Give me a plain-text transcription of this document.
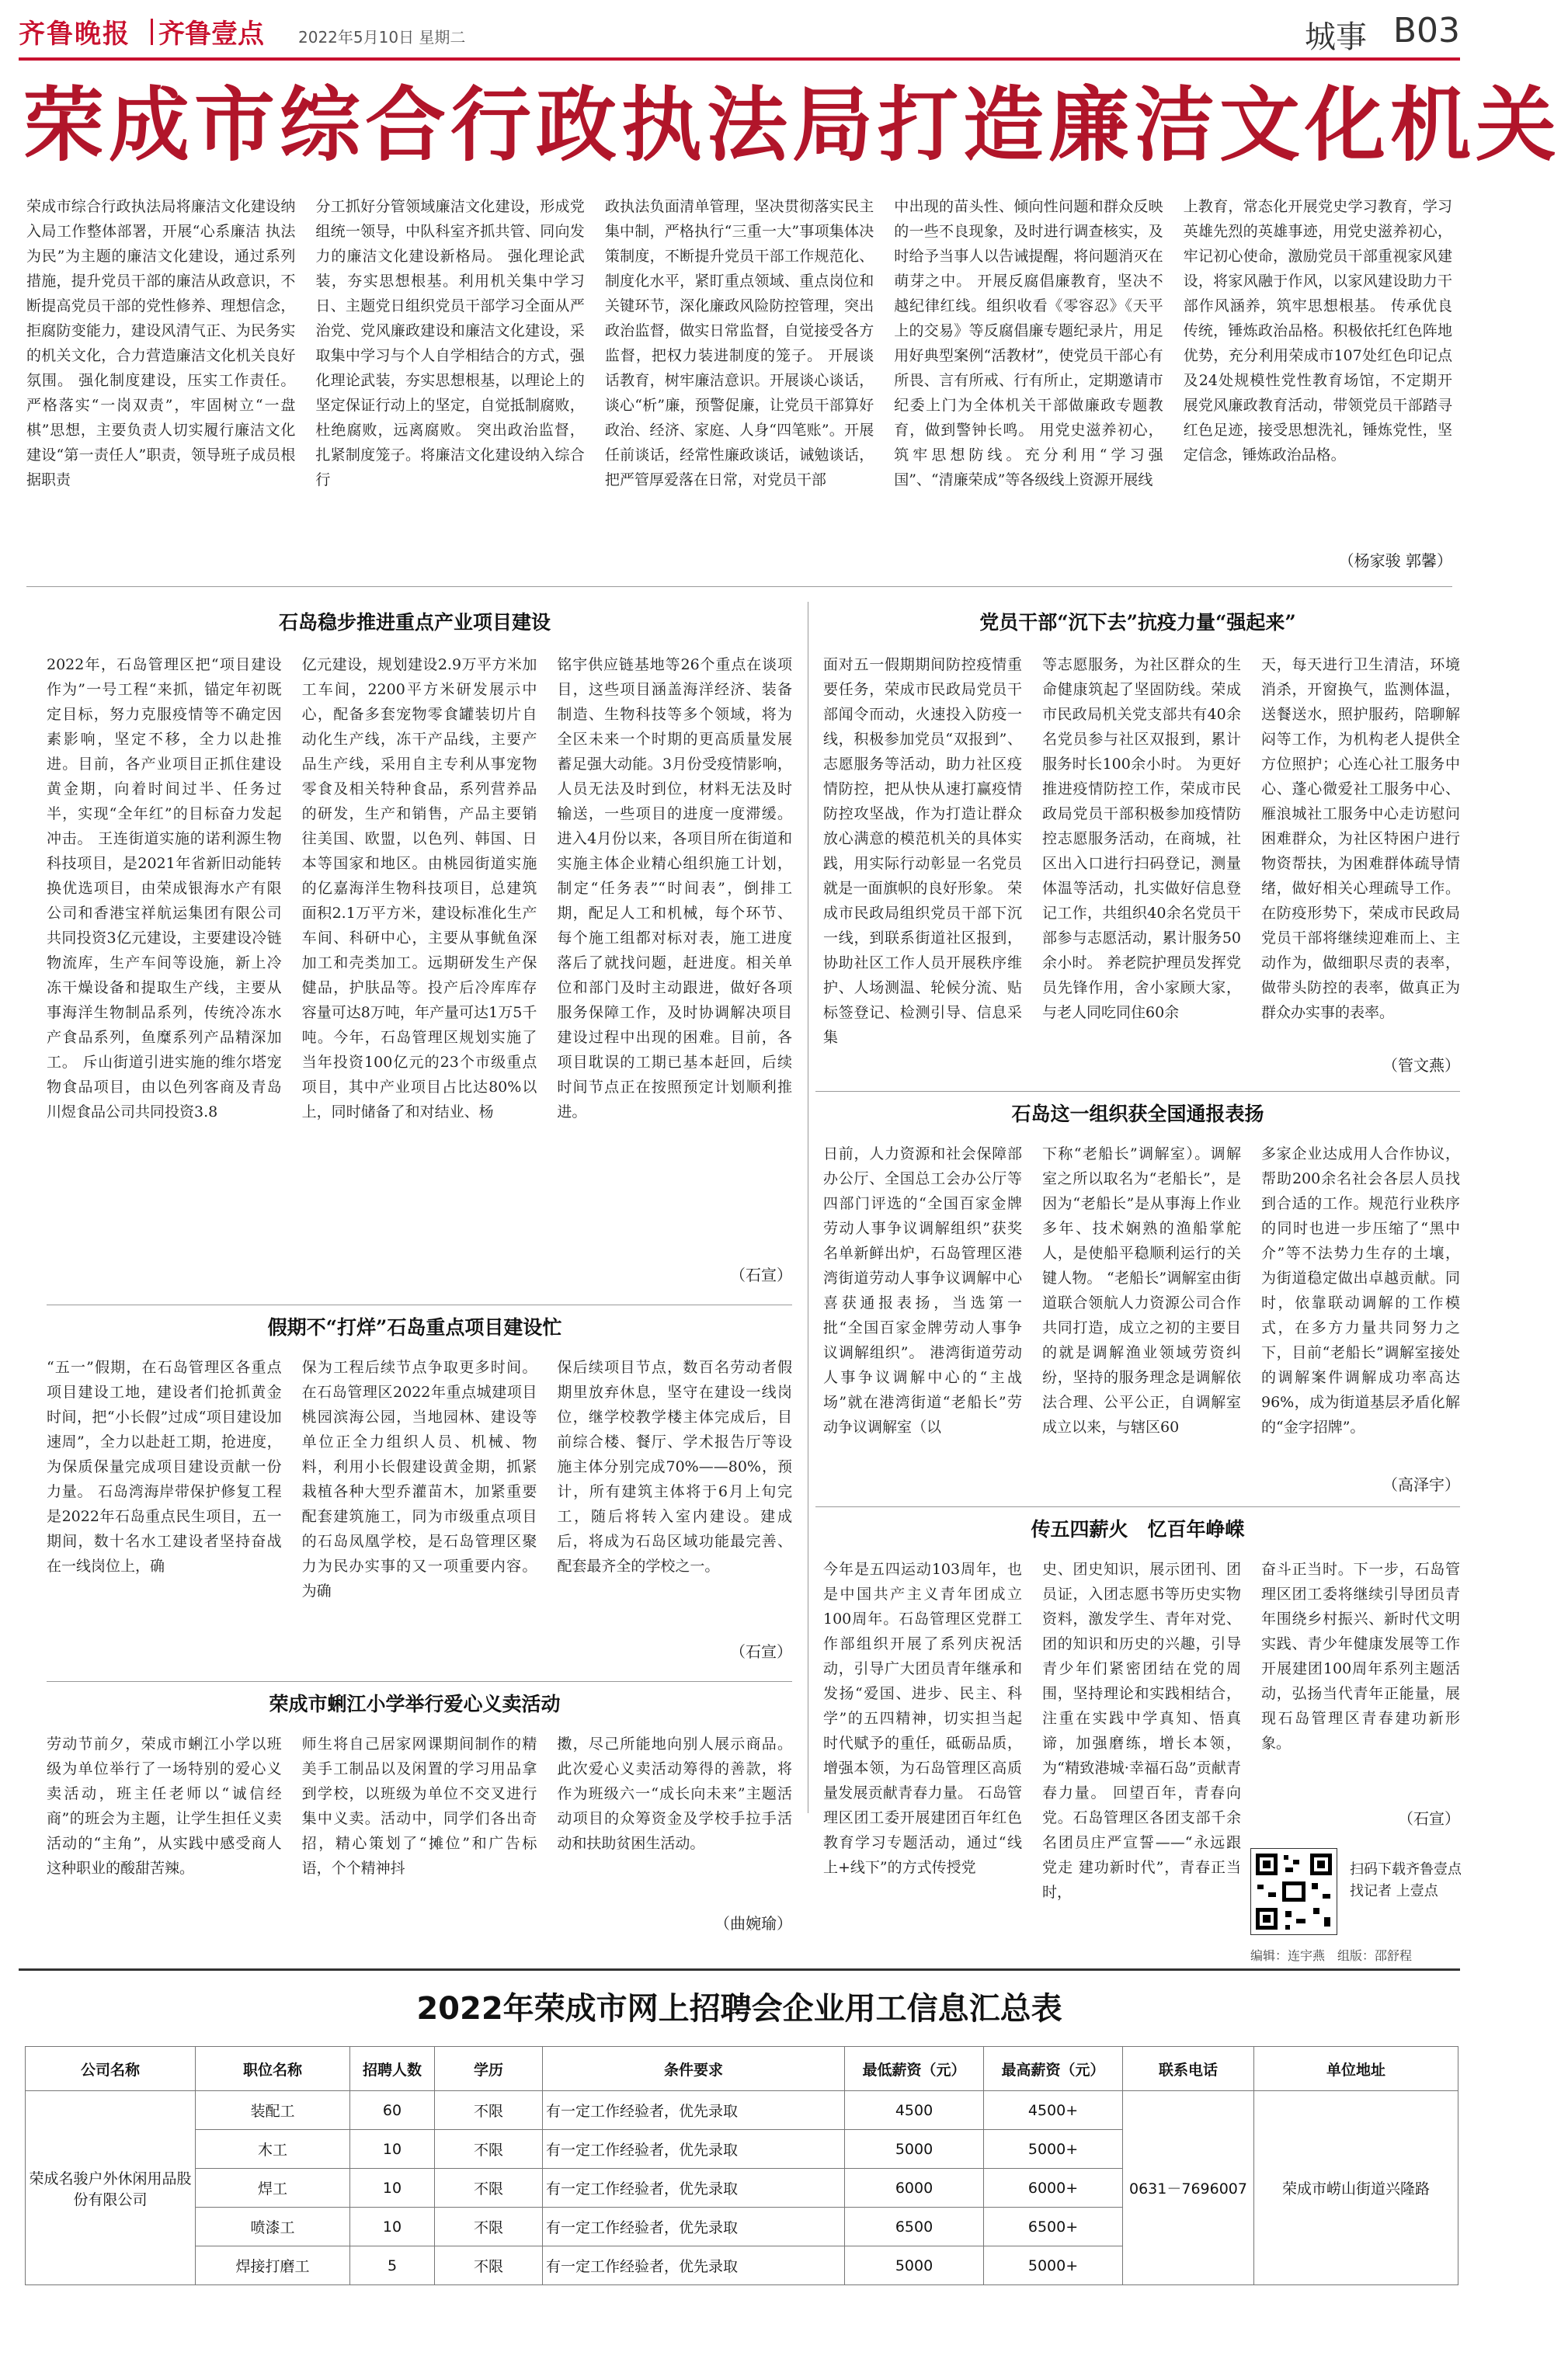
齐鲁晚报 齐鲁壹点 2022年5月10日 星期二	城事 B03
荣成市综合行政执法局打造廉洁文化机关
荣成市综合行政执法局将廉洁文化建设纳入局工作整体部署，开展“心系廉洁 执法为民”为主题的廉洁文化建设，通过系列措施，提升党员干部的廉洁从政意识，不断提高党员干部的党性修养、理想信念，拒腐防变能力，建设风清气正、为民务实的机关文化，合力营造廉洁文化机关良好氛围。 强化制度建设，压实工作责任。严格落实“一岗双责”，牢固树立“一盘棋”思想，主要负责人切实履行廉洁文化建设“第一责任人”职责，领导班子成员根据职责
分工抓好分管领域廉洁文化建设，形成党组统一领导，中队科室齐抓共管、同向发力的廉洁文化建设新格局。 强化理论武装，夯实思想根基。利用机关集中学习日、主题党日组织党员干部学习全面从严治党、党风廉政建设和廉洁文化建设，采取集中学习与个人自学相结合的方式，强化理论武装，夯实思想根基，以理论上的坚定保证行动上的坚定，自觉抵制腐败，杜绝腐败，远离腐败。 突出政治监督，扎紧制度笼子。将廉洁文化建设纳入综合行
政执法负面清单管理，坚决贯彻落实民主集中制，严格执行“三重一大”事项集体决策制度，不断提升党员干部工作规范化、制度化水平，紧盯重点领域、重点岗位和关键环节，深化廉政风险防控管理，突出政治监督，做实日常监督，自觉接受各方监督，把权力装进制度的笼子。 开展谈话教育，树牢廉洁意识。开展谈心谈话，谈心“析”廉，预警促廉，让党员干部算好政治、经济、家庭、人身“四笔账”。开展任前谈话，经常性廉政谈话，诫勉谈话，把严管厚爱落在日常，对党员干部
中出现的苗头性、倾向性问题和群众反映的一些不良现象，及时进行调查核实，及时给予当事人以告诫提醒，将问题消灭在萌芽之中。 开展反腐倡廉教育，坚决不越纪律红线。组织收看《零容忍》《天平上的交易》等反腐倡廉专题纪录片，用足用好典型案例“活教材”，使党员干部心有所畏、言有所戒、行有所止，定期邀请市纪委上门为全体机关干部做廉政专题教育，做到警钟长鸣。 用党史滋养初心，筑牢思想防线。充分利用“学习强国”、“清廉荣成”等各级线上资源开展线
上教育，常态化开展党史学习教育，学习英雄先烈的英雄事迹，用党史滋养初心，牢记初心使命，激励党员干部重视家风建设，将家风融于作风，以家风建设助力干部作风涵养，筑牢思想根基。 传承优良传统，锤炼政治品格。积极依托红色阵地优势，充分利用荣成市107处红色印记点及24处规模性党性教育场馆，不定期开展党风廉政教育活动，带领党员干部踏寻红色足迹，接受思想洗礼，锤炼党性，坚定信念，锤炼政治品格。
（杨家骏 郭馨）
石岛稳步推进重点产业项目建设
2022年，石岛管理区把“项目建设作为”一号工程“来抓，锚定年初既定目标，努力克服疫情等不确定因素影响，坚定不移，全力以赴推进。目前，各产业项目正抓住建设黄金期，向着时间过半、任务过半，实现“全年红”的目标奋力发起冲击。 王连街道实施的诺利源生物科技项目，是2021年省新旧动能转换优选项目，由荣成银海水产有限公司和香港宝祥航运集团有限公司共同投资3亿元建设，主要建设冷链物流库，生产车间等设施，新上冷冻干燥设备和提取生产线，主要从事海洋生物制品系列，传统冷冻水产食品系列，鱼糜系列产品精深加工。 斥山街道引进实施的维尔塔宠物食品项目，由以色列客商及青岛川煜食品公司共同投资3.8
亿元建设，规划建设2.9万平方米加工车间，2200平方米研发展示中心，配备多套宠物零食罐装切片自动化生产线，冻干产品线，主要产品生产线，采用自主专利从事宠物零食及相关特种食品，系列营养品的研发，生产和销售，产品主要销往美国、欧盟，以色列、韩国、日本等国家和地区。由桃园街道实施的亿嘉海洋生物科技项目，总建筑面积2.1万平方米，建设标准化生产车间、科研中心，主要从事鱿鱼深加工和壳类加工。远期研发生产保健品，护肤品等。投产后冷库库存容量可达8万吨，年产量可达1万5千吨。今年，石岛管理区规划实施了当年投资100亿元的23个市级重点项目，其中产业项目占比达80%以上，同时储备了和对结业、杨
铭宇供应链基地等26个重点在谈项目，这些项目涵盖海洋经济、装备制造、生物科技等多个领域，将为全区未来一个时期的更高质量发展蓄足强大动能。3月份受疫情影响，人员无法及时到位，材料无法及时输送，一些项目的进度一度滞缓。进入4月份以来，各项目所在街道和实施主体企业精心组织施工计划，制定“任务表”“时间表”，倒排工期，配足人工和机械，每个环节、每个施工组都对标对表，施工进度落后了就找问题，赶进度。相关单位和部门及时主动跟进，做好各项服务保障工作，及时协调解决项目建设过程中出现的困难。目前，各项目耽误的工期已基本赶回，后续时间节点正在按照预定计划顺利推进。
（石宣）
党员干部“沉下去”抗疫力量“强起来”
面对五一假期期间防控疫情重要任务，荣成市民政局党员干部闻令而动，火速投入防疫一线，积极参加党员“双报到”、志愿服务等活动，助力社区疫情防控，把从快从速打赢疫情防控攻坚战，作为打造让群众放心满意的模范机关的具体实践，用实际行动彰显一名党员就是一面旗帜的良好形象。 荣成市民政局组织党员干部下沉一线，到联系街道社区报到，协助社区工作人员开展秩序维护、人场测温、轮候分流、贴标签登记、检测引导、信息采集
等志愿服务，为社区群众的生命健康筑起了坚固防线。荣成市民政局机关党支部共有40余名党员参与社区双报到，累计服务时长100余小时。 为更好推进疫情防控工作，荣成市民政局党员干部积极参加疫情防控志愿服务活动，在商城，社区出入口进行扫码登记，测量体温等活动，扎实做好信息登记工作，共组织40余名党员干部参与志愿活动，累计服务50余小时。 养老院护理员发挥党员先锋作用，舍小家顾大家，与老人同吃同住60余
天，每天进行卫生清洁，环境消杀，开窗换气，监测体温，送餐送水，照护服药，陪聊解闷等工作，为机构老人提供全方位照护；心连心社工服务中心、蓬心微爱社工服务中心、雁浪城社工服务中心走访慰问困难群众，为社区特困户进行物资帮扶，为困难群体疏导情绪，做好相关心理疏导工作。 在防疫形势下，荣成市民政局党员干部将继续迎难而上、主动作为，做细职尽责的表率，做带头防控的表率，做真正为群众办实事的表率。
（管文燕）
石岛这一组织获全国通报表扬
日前，人力资源和社会保障部办公厅、全国总工会办公厅等四部门评选的“全国百家金牌劳动人事争议调解组织”获奖名单新鲜出炉，石岛管理区港湾街道劳动人事争议调解中心喜获通报表扬，当选第一批“全国百家金牌劳动人事争议调解组织”。 港湾街道劳动人事争议调解中心的“主战场”就在港湾街道“老船长”劳动争议调解室（以
下称“老船长”调解室）。调解室之所以取名为“老船长”，是因为“老船长”是从事海上作业多年、技术娴熟的渔船掌舵人，是使船平稳顺利运行的关键人物。 “老船长”调解室由街道联合领航人力资源公司合作共同打造，成立之初的主要目的就是调解渔业领域劳资纠纷，坚持的服务理念是调解依法合理、公平公正，自调解室成立以来，与辖区60
多家企业达成用人合作协议，帮助200余名社会各层人员找到合适的工作。规范行业秩序的同时也进一步压缩了“黑中介”等不法势力生存的土壤，为街道稳定做出卓越贡献。同时，依靠联动调解的工作模式，在多方力量共同努力之下，目前“老船长”调解室接处的调解案件调解成功率高达96%，成为街道基层矛盾化解的“金字招牌”。
（高泽宇）
假期不“打烊”石岛重点项目建设忙
“五一”假期，在石岛管理区各重点项目建设工地，建设者们抢抓黄金时间，把“小长假”过成“项目建设加速周”，全力以赴赶工期，抢进度，为保质保量完成项目建设贡献一份力量。 石岛湾海岸带保护修复工程是2022年石岛重点民生项目，五一期间，数十名水工建设者坚持奋战在一线岗位上，确
保为工程后续节点争取更多时间。 在石岛管理区2022年重点城建项目桃园滨海公园，当地园林、建设等单位正全力组织人员、机械、物料，利用小长假建设黄金期，抓紧栽植各种大型乔灌苗木，加紧重要配套建筑施工，同为市级重点项目的石岛凤凰学校，是石岛管理区聚力为民办实事的又一项重要内容。为确
保后续项目节点，数百名劳动者假期里放弃休息，坚守在建设一线岗位，继学校教学楼主体完成后，目前综合楼、餐厅、学术报告厅等设施主体分别完成70%——80%，预计，所有建筑主体将于6月上旬完工，随后将转入室内建设。建成后，将成为石岛区域功能最完善、配套最齐全的学校之一。
（石宣）
传五四薪火　忆百年峥嵘
今年是五四运动103周年，也是中国共产主义青年团成立100周年。石岛管理区党群工作部组织开展了系列庆祝活动，引导广大团员青年继承和发扬“爱国、进步、民主、科学”的五四精神，切实担当起时代赋予的重任，砥砺品质，增强本领，为石岛管理区高质量发展贡献青春力量。 石岛管理区团工委开展建团百年红色教育学习专题活动，通过“线上+线下”的方式传授党
史、团史知识，展示团刊、团员证，入团志愿书等历史实物资料，激发学生、青年对党、团的知识和历史的兴趣，引导青少年们紧密团结在党的周围，坚持理论和实践相结合，注重在实践中学真知、悟真谛，加强磨练，增长本领，为“精致港城·幸福石岛”贡献青春力量。 回望百年，青春向党。石岛管理区各团支部千余名团员庄严宣誓——“永远跟党走 建功新时代”，青春正当时，
奋斗正当时。下一步，石岛管理区团工委将继续引导团员青年围绕乡村振兴、新时代文明实践、青少年健康发展等工作开展建团100周年系列主题活动，弘扬当代青年正能量，展现石岛管理区青春建功新形象。
（石宣）
荣成市蜊江小学举行爱心义卖活动
劳动节前夕，荣成市蜊江小学以班级为单位举行了一场特别的爱心义卖活动，班主任老师以“诚信经商”的班会为主题，让学生担任义卖活动的“主角”，从实践中感受商人这种职业的酸甜苦辣。
师生将自己居家网课期间制作的精美手工制品以及闲置的学习用品拿到学校，以班级为单位不交叉进行集中义卖。活动中，同学们各出奇招，精心策划了“摊位”和广告标语，个个精神抖
擞，尽己所能地向别人展示商品。此次爱心义卖活动筹得的善款，将作为班级六一“成长向未来”主题活动项目的众筹资金及学校手拉手活动和扶助贫困生活动。
（曲婉瑜）
扫码下载齐鲁壹点
找记者 上壹点
编辑：连宇燕　组版：邵舒程
2022年荣成市网上招聘会企业用工信息汇总表
公司名称	职位名称	招聘人数	学历	条件要求	最低薪资（元）	最高薪资（元）	联系电话	单位地址
荣成名骏户外休闲用品股份有限公司	装配工	60	不限	有一定工作经验者，优先录取	4500	4500+	0631－7696007	荣成市崂山街道兴隆路
	木工	10	不限	有一定工作经验者，优先录取	5000	5000+		
	焊工	10	不限	有一定工作经验者，优先录取	6000	6000+		
	喷漆工	10	不限	有一定工作经验者，优先录取	6500	6500+		
	焊接打磨工	5	不限	有一定工作经验者，优先录取	5000	5000+		
